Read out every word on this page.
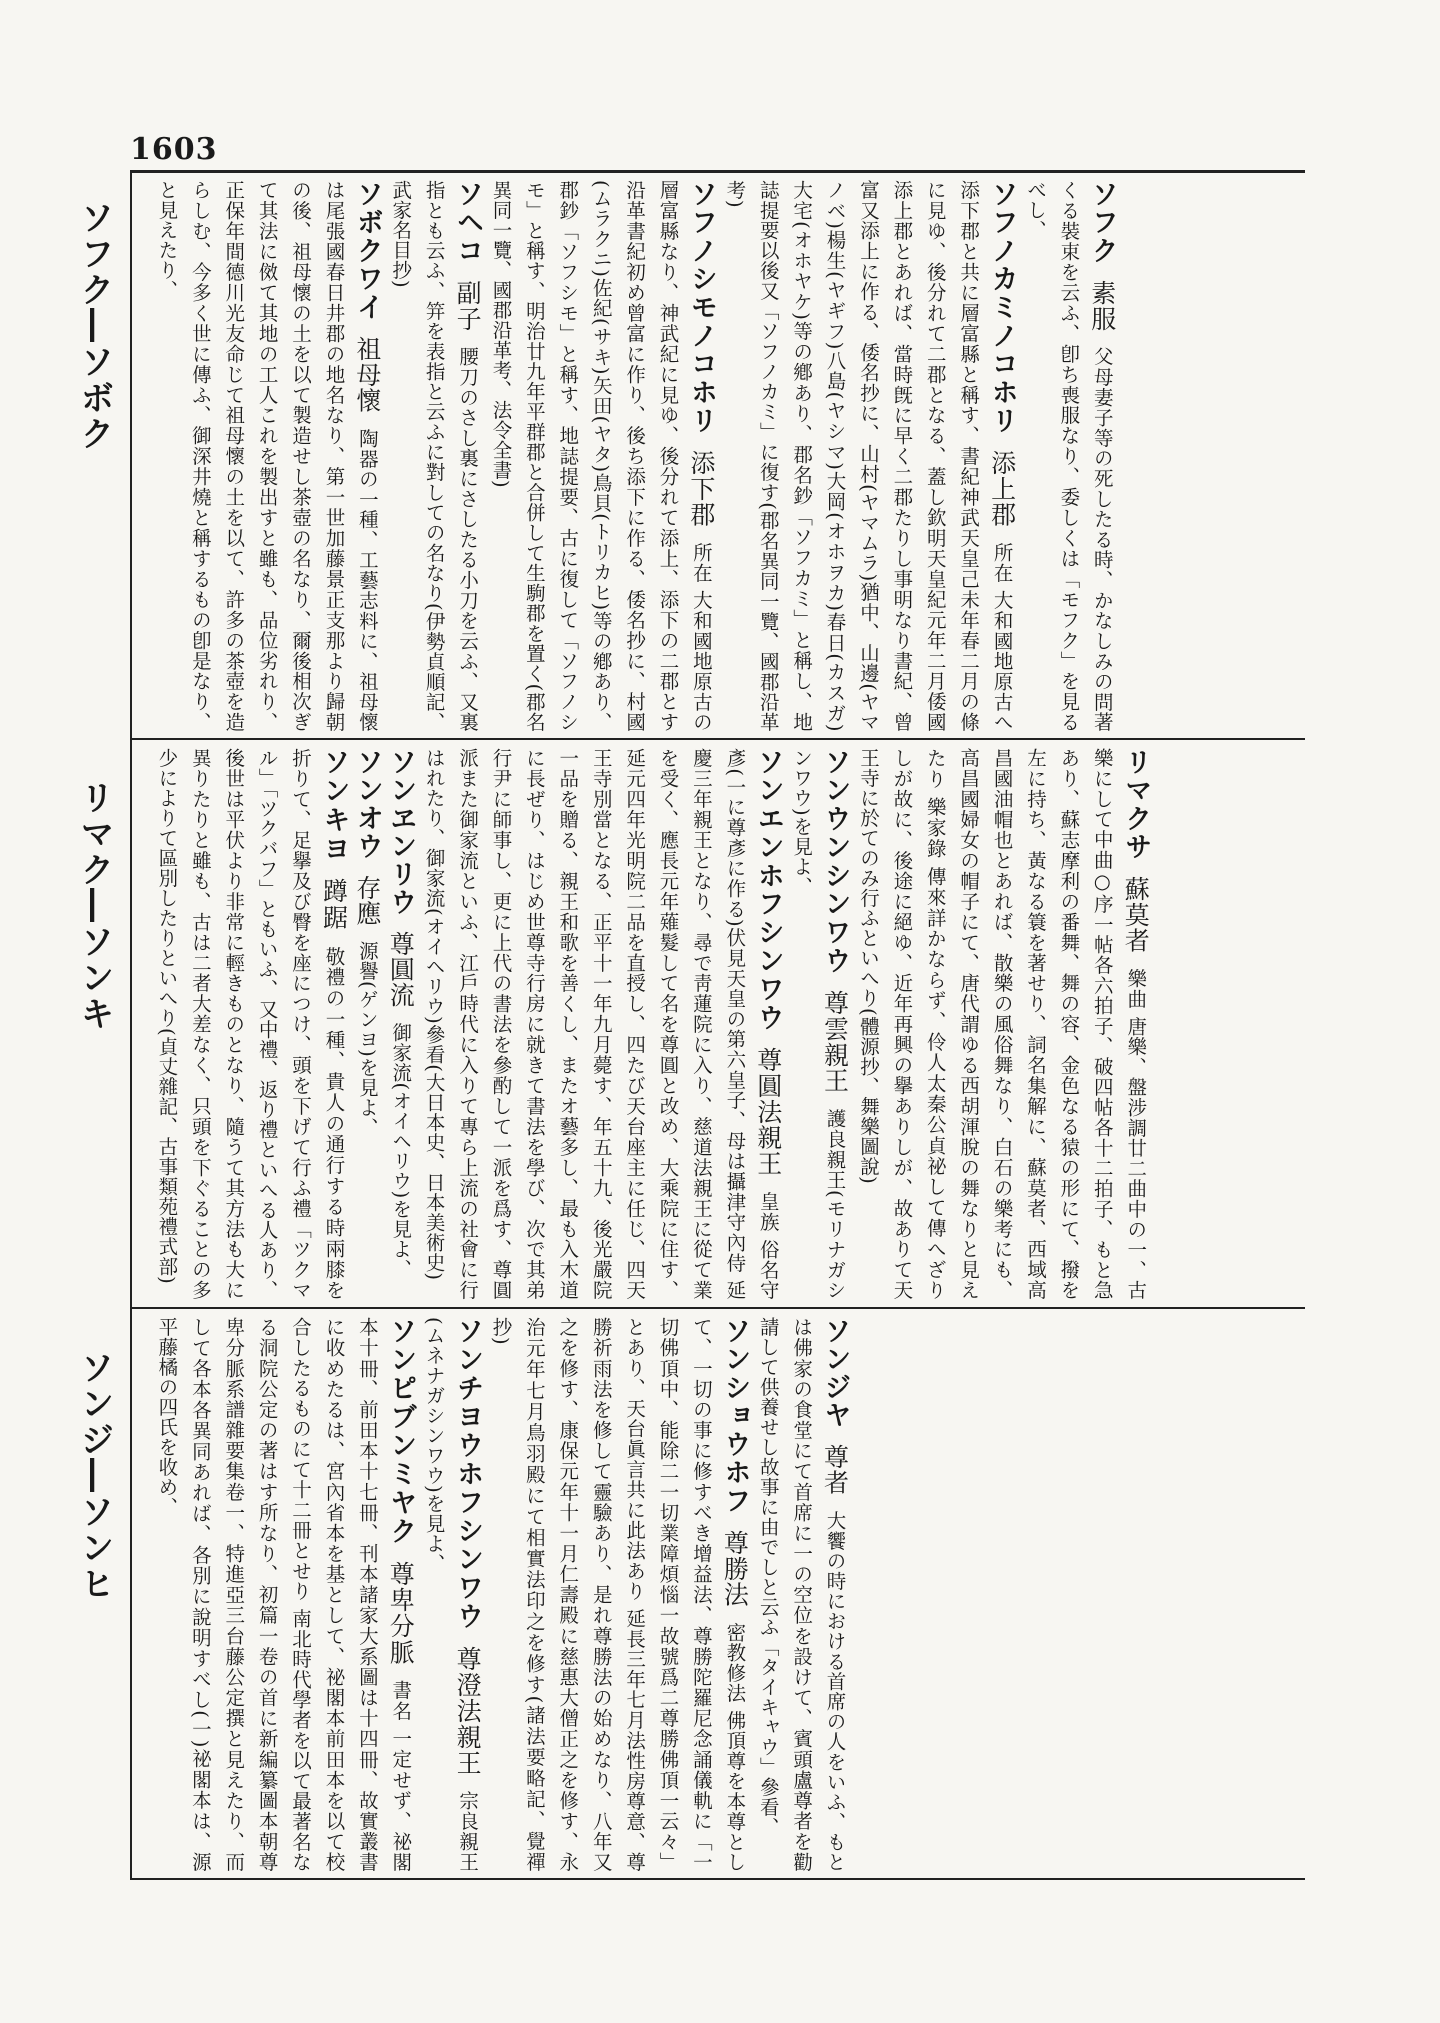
1603
ソフク―ソボク
リマク―ソンキ
ソンジ―ソンヒ
ソフク素服父母妻子等の死したる時、かなしみの問著くる裝束を云ふ、卽ち喪服なり、委しくは「モフク」を見るべし、
ソフノカミノコホリ添上郡所在 大和國地原古へ添下郡と共に層富縣と稱す、書紀神武天皇己未年春二月の條に見ゆ、後分れて二郡となる、蓋し欽明天皇紀元年二月倭國添上郡とあれば、當時旣に早く二郡たりし事明なり書紀、曾富又添上に作る、倭名抄に、山村(ヤマムラ)猶中、山邊(ヤマノベ)楊生(ヤギフ)八島(ヤシマ)大岡(オホヲカ)春日(カスガ)大宅(オホヤケ)等の鄕あり、郡名鈔「ソフカミ」と稱し、地誌提要以後又「ソフノカミ」に復す(郡名異同一覽、國郡沿革考)
ソフノシモノコホリ添下郡所在 大和國地原古の層富縣なり、神武紀に見ゆ、後分れて添上、添下の二郡とす沿革書紀初め曾富に作り、後ち添下に作る、倭名抄に、村國(ムラクニ)佐紀(サキ)矢田(ヤタ)鳥貝(トリカヒ)等の鄕あり、郡鈔「ソフシモ」と稱す、地誌提要、古に復して「ソフノシモ」と稱す、明治廿九年平群郡と合併して生駒郡を置く(郡名異同一覽、國郡沿革考、法令全書)
ソヘコ副子腰刀のさし裏にさしたる小刀を云ふ、又裏指とも云ふ、笄を表指と云ふに對しての名なり(伊勢貞順記、武家名目抄)
ソボクワイ祖母懷陶器の一種、工藝志料に、祖母懷は尾張國春日井郡の地名なり、第一世加藤景正支那より歸朝の後、祖母懷の土を以て製造せし茶壺の名なり、爾後相次ぎて其法に傚て其地の工人これを製出すと雖も、品位劣れり、正保年間德川光友命じて祖母懷の土を以て、許多の茶壺を造らしむ、今多く世に傳ふ、御深井燒と稱するもの卽是なり、と見えたり、
リマクサ蘇莫者樂曲 唐樂、盤涉調廿二曲中の一、古樂にして中曲○序一帖各六拍子、破四帖各十二拍子、もと急あり、蘇志摩利の番舞、舞の容、金色なる猿の形にて、撥を左に持ち、黃なる簑を著せり、詞名集解に、蘇莫者、西域高昌國油帽也とあれば、散樂の風俗舞なり、白石の樂考にも、高昌國婦女の帽子にて、唐代謂ゆる西胡渾脫の舞なりと見えたり 樂家錄 傳來詳かならず、伶人太秦公貞祕して傳へざりしが故に、後途に絕ゆ、近年再興の擧ありしが、故ありて天王寺に於てのみ行ふといへり(體源抄、舞樂圖說)
ソンウンシンワウ尊雲親王護良親王(モリナガシンワウ)を見よ、
ソンエンホフシンワウ尊圓法親王皇族 俗名守彥(一に尊彥に作る)伏見天皇の第六皇子、母は攝津守內侍 延慶三年親王となり、尋で靑蓮院に入り、慈道法親王に從て業を受く、應長元年薙髮して名を尊圓と改め、大乘院に住す、延元四年光明院二品を直授し、四たび天台座主に任じ、四天王寺別當となる、正平十一年九月薨す、年五十九、後光嚴院一品を贈る、親王和歌を善くし、またオ藝多し、最も入木道に長ぜり、はじめ世尊寺行房に就きて書法を學び、次で其弟行尹に師事し、更に上代の書法を參酌して一派を爲す、尊圓派また御家流といふ、江戶時代に入りて專ら上流の社會に行はれたり、御家流(オイヘリウ)參看(大日本史、日本美術史)
ソンヱンリウ尊圓流御家流(オイヘリウ)を見よ、
ソンオウ存應源譽(ゲンヨ)を見よ、
ソンキヨ蹲踞敬禮の一種、貴人の通行する時兩膝を折りて、足擧及び臀を座につけ、頭を下げて行ふ禮「ツクマル」「ツクバフ」ともいふ、又中禮、返り禮といへる人あり、後世は平伏より非常に輕きものとなり、隨うて其方法も大に異りたりと雖も、古は二者大差なく、只頭を下ぐることの多少によりて區別したりといへり(貞丈雜記、古事類苑禮式部)
ソンジヤ尊者大饗の時における首席の人をいふ、もとは佛家の食堂にて首席に一の空位を設けて、賓頭盧尊者を勸請して供養せし故事に由でしと云ふ「タイキャウ」參看、
ソンショウホフ尊勝法密教修法 佛頂尊を本尊として、一切の事に修すべき增益法、尊勝陀羅尼念誦儀軌に「一切佛頂中、能除二一切業障煩惱一故號爲二尊勝佛頂一云々」とあり、天台眞言共に此法あり 延長三年七月法性房尊意、尊勝祈雨法を修して靈驗あり、是れ尊勝法の始めなり、八年又之を修す、康保元年十一月仁壽殿に慈惠大僧正之を修す、永治元年七月鳥羽殿にて相實法印之を修す(諸法要略記、覺禪抄)
ソンチヨウホフシンワウ尊澄法親王宗良親王(ムネナガシンワウ)を見よ、
ソンピブンミヤク尊卑分脈書名 一定せず、祕閣本十冊、前田本十七冊、刊本諸家大系圖は十四冊、故實叢書に收めたるは、宮內省本を基として、祕閣本前田本を以て校合したるものにて十二冊とせり 南北時代學者を以て最著名なる洞院公定の著はす所なり、初篇一卷の首に新編纂圖本朝尊卑分脈系譜雜要集卷一、特進亞三台藤公定撰と見えたり、而して各本各異同あれば、各別に說明すべし(一)祕閣本は、源平藤橘の四氏を收め、
